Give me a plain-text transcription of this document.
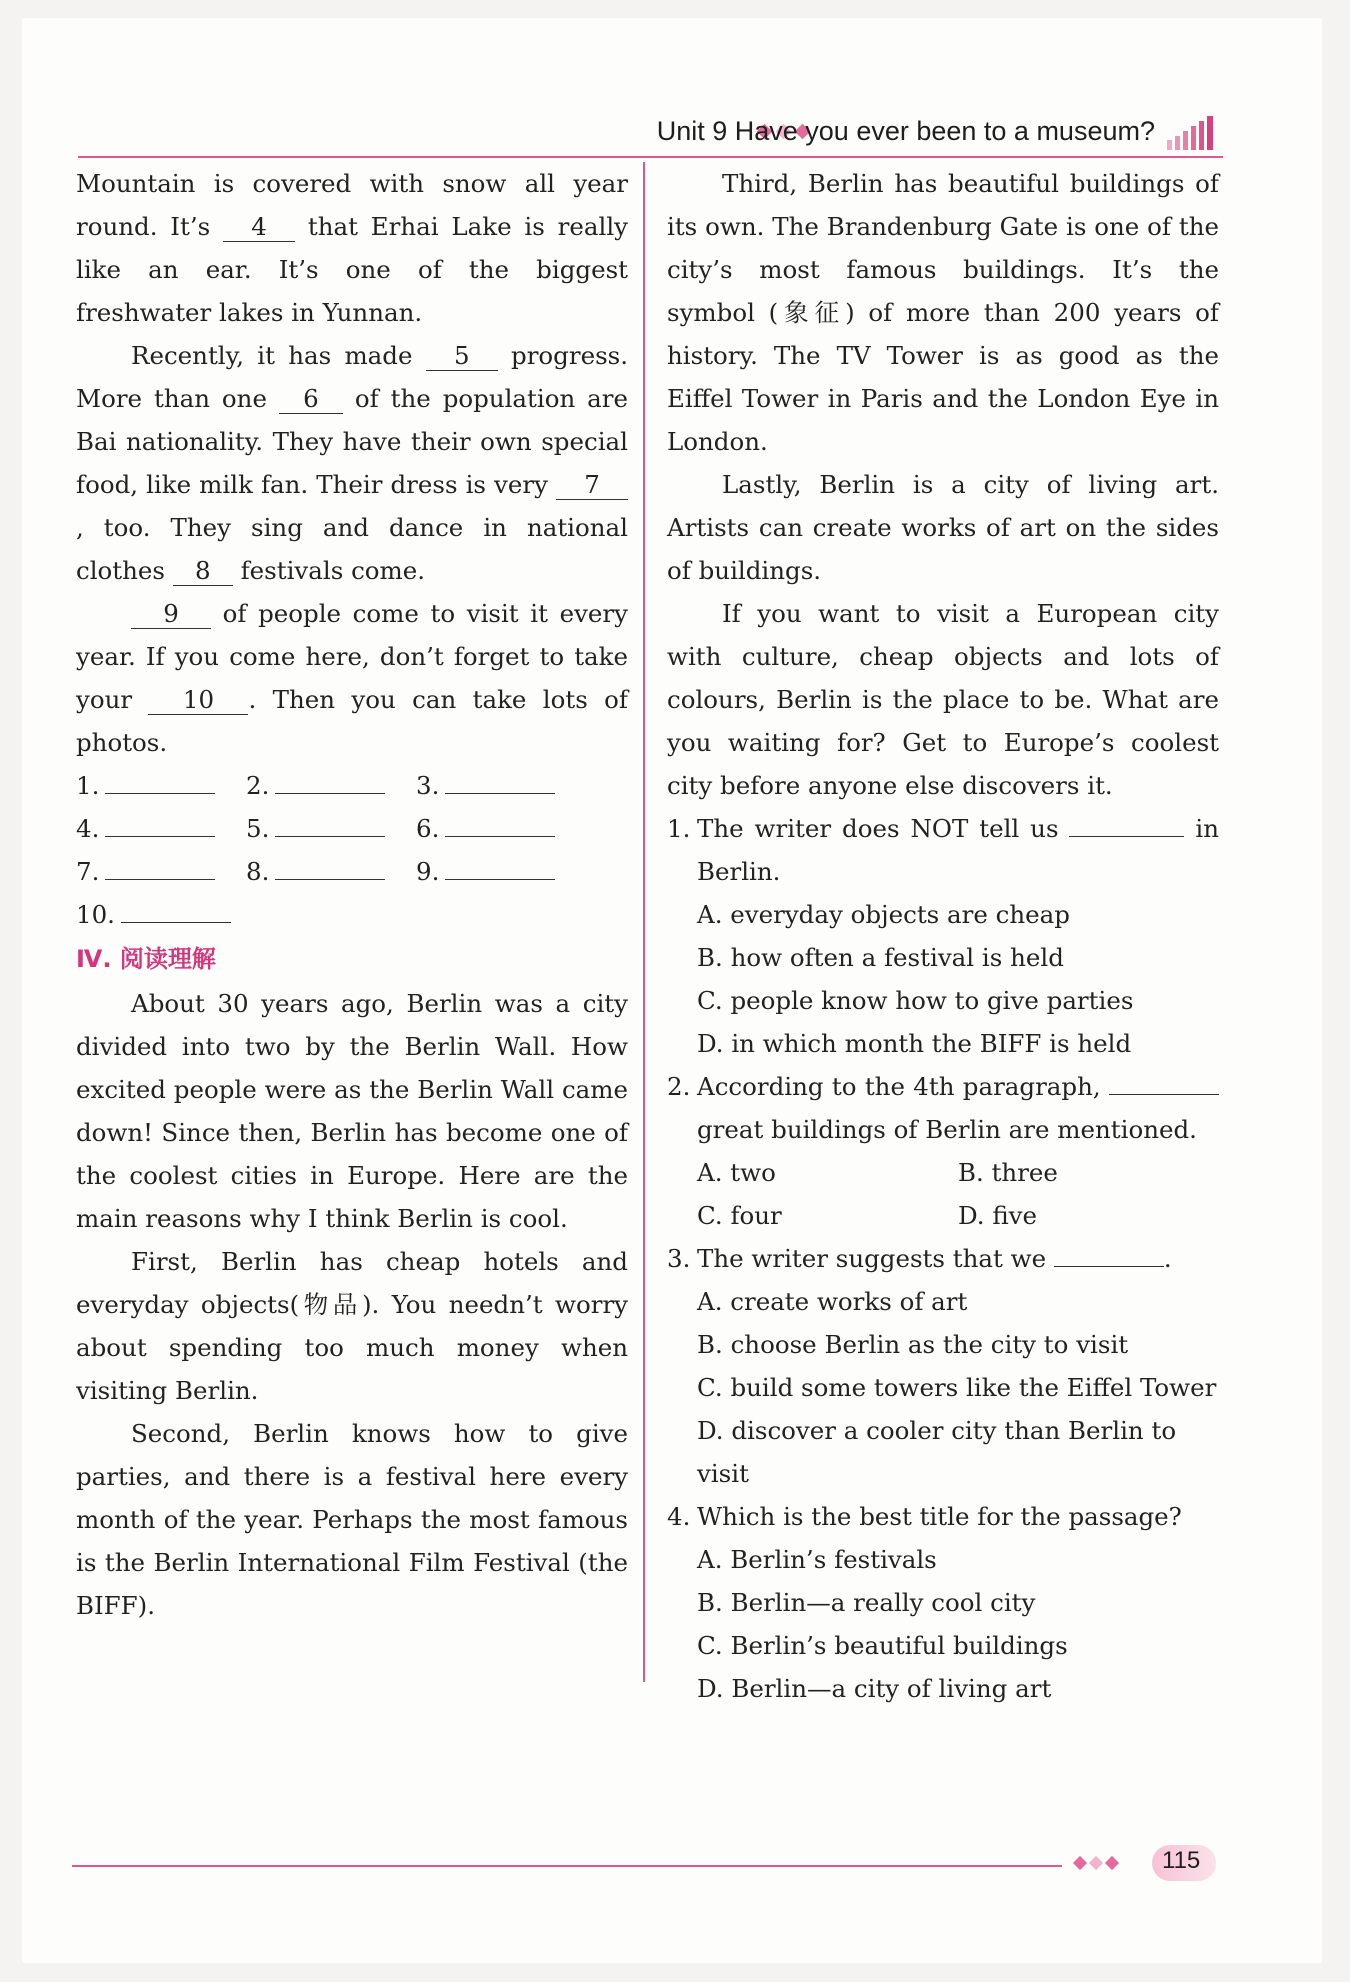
Unit 9 Have you ever been to a museum?

Mountain is covered with snow all year round. It’s 4 that Erhai Lake is really like an ear. It’s one of the biggest freshwater lakes in Yunnan.

Recently, it has made 5 progress. More than one 6 of the population are Bai nationality. They have their own special food, like milk fan. Their dress is very 7, too. They sing and dance in national clothes 8 festivals come.

9 of people come to visit it every year. If you come here, don’t forget to take your 10 . Then you can take lots of photos.

1.	2.	3.
4.	5.	6.
7.	8.	9.
10.
Ⅳ. 阅读理解

About 30 years ago, Berlin was a city divided into two by the Berlin Wall. How excited people were as the Berlin Wall came down! Since then, Berlin has become one of the coolest cities in Europe. Here are the main reasons why I think Berlin is cool.

First, Berlin has cheap hotels and everyday objects(物品). You needn’t worry about spending too much money when visiting Berlin.

Second, Berlin knows how to give parties, and there is a festival here every month of the year. Perhaps the most famous is the Berlin International Film Festival (the BIFF).

Third, Berlin has beautiful buildings of its own. The Brandenburg Gate is one of the city’s most famous buildings. It’s the symbol (象征) of more than 200 years of history. The TV Tower is as good as the Eiffel Tower in Paris and the London Eye in London.

Lastly, Berlin is a city of living art. Artists can create works of art on the sides of buildings.

If you want to visit a European city with culture, cheap objects and lots of colours, Berlin is the place to be. What are you waiting for? Get to Europe’s coolest city before anyone else discovers it.

1. The writer does NOT tell us	in Berlin.
A. everyday objects are cheap
B. how often a festival is held
C. people know how to give parties
D. in which month the BIFF is held
2. According to the 4th paragraph,  great buildings of Berlin are mentioned.
A. two	B. three
C. four	D. five
3. The writer suggests that we	.
A. create works of art
B. choose Berlin as the city to visit
C. build some towers like the Eiffel Tower
D. discover a cooler city than Berlin to visit
4. Which is the best title for the passage?
A. Berlin’s festivals
B. Berlin—a really cool city
C. Berlin’s beautiful buildings
D. Berlin—a city of living art
115
